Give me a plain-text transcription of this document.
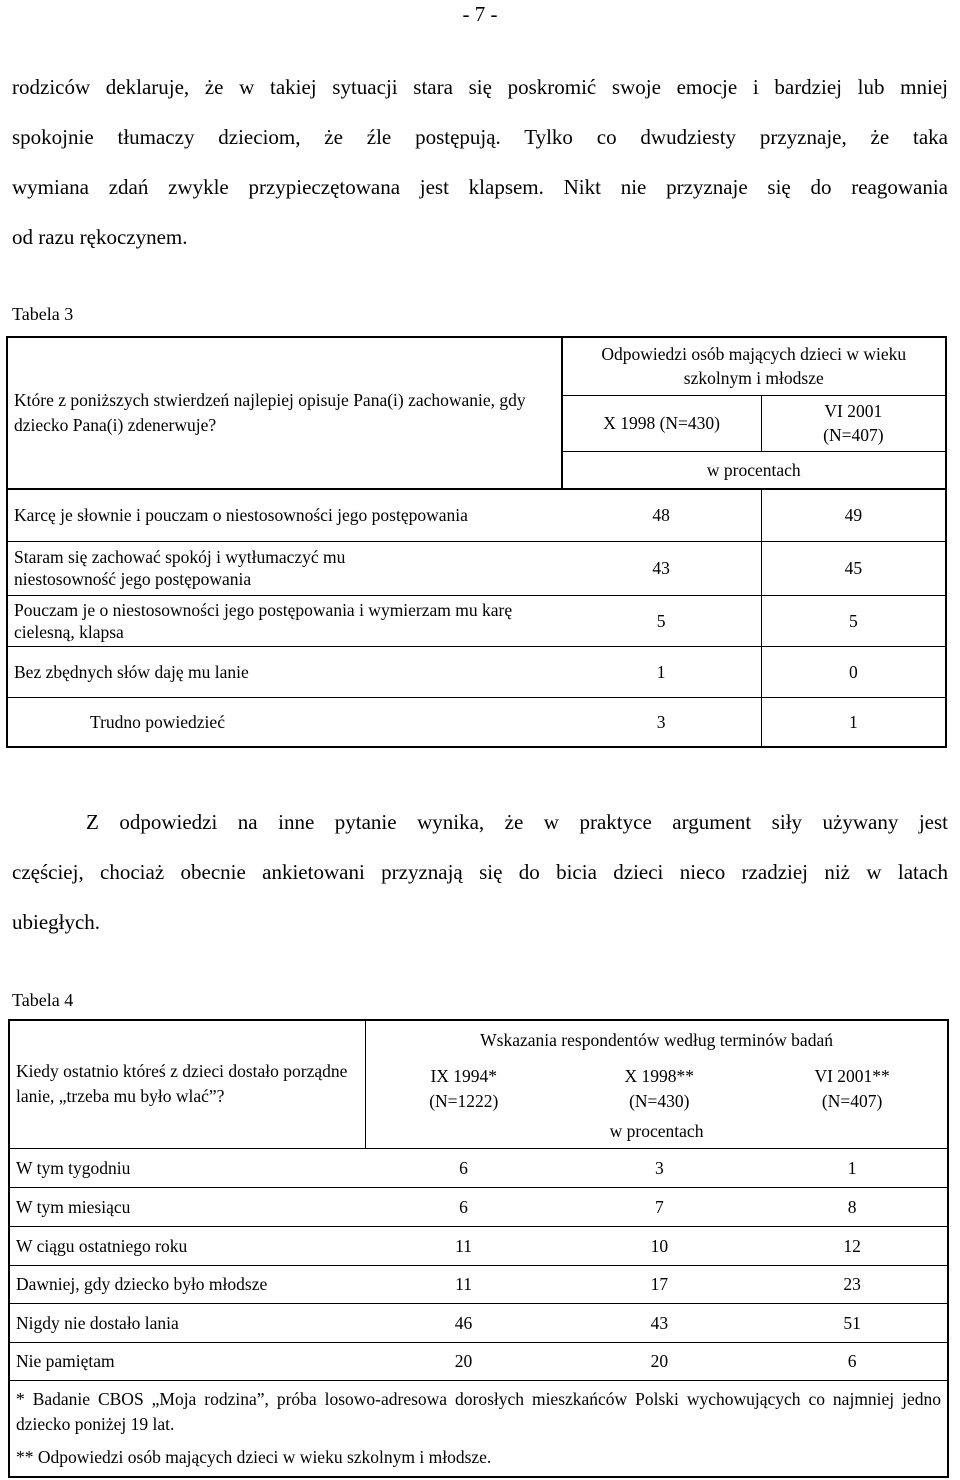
- 7 -
rodziców deklaruje, że w takiej sytuacji stara się poskromić swoje emocje i bardziej lub mniej
spokojnie tłumaczy dzieciom, że źle postępują. Tylko co dwudziesty przyznaje, że taka
wymiana zdań zwykle przypieczętowana jest klapsem. Nikt nie przyznaje się do reagowania
od razu rękoczynem.
Tabela 3
Które z poniższych stwierdzeń najlepiej opisuje Pana(i) zachowanie, gdy dziecko Pana(i) zdenerwuje?	Odpowiedzi osób mających dzieci w wieku szkolnym i młodsze	
	X 1998 (N=430)	VI 2001 (N=407)
	w procentach	
Karcę je słownie i pouczam o niestosowności jego postępowania	48	49
Staram się zachować spokój i wytłumaczyć mu niestosowność jego postępowania	43	45
Pouczam je o niestosowności jego postępowania i wymierzam mu karę cielesną, klapsa	5	5
Bez zbędnych słów daję mu lanie	1	0
Trudno powiedzieć	3	1
Z odpowiedzi na inne pytanie wynika, że w praktyce argument siły używany jest
częściej, chociaż obecnie ankietowani przyznają się do bicia dzieci nieco rzadziej niż w latach
ubiegłych.
Tabela 4
Kiedy ostatnio któreś z dzieci dostało porządne lanie, „trzeba mu było wlać”?	Wskazania respondentów według terminów badań		
	IX 1994* (N=1222)	X 1998** (N=430)	VI 2001** (N=407)
	w procentach		
W tym tygodniu	6	3	1
W tym miesiącu	6	7	8
W ciągu ostatniego roku	11	10	12
Dawniej, gdy dziecko było młodsze	11	17	23
Nigdy nie dostało lania	46	43	51
Nie pamiętam	20	20	6

* Badanie CBOS „Moja rodzina”, próba losowo-adresowa dorosłych mieszkańców Polski wychowujących co najmniej jedno dziecko poniżej 19 lat.
** Odpowiedzi osób mających dzieci w wieku szkolnym i młodsze.			
